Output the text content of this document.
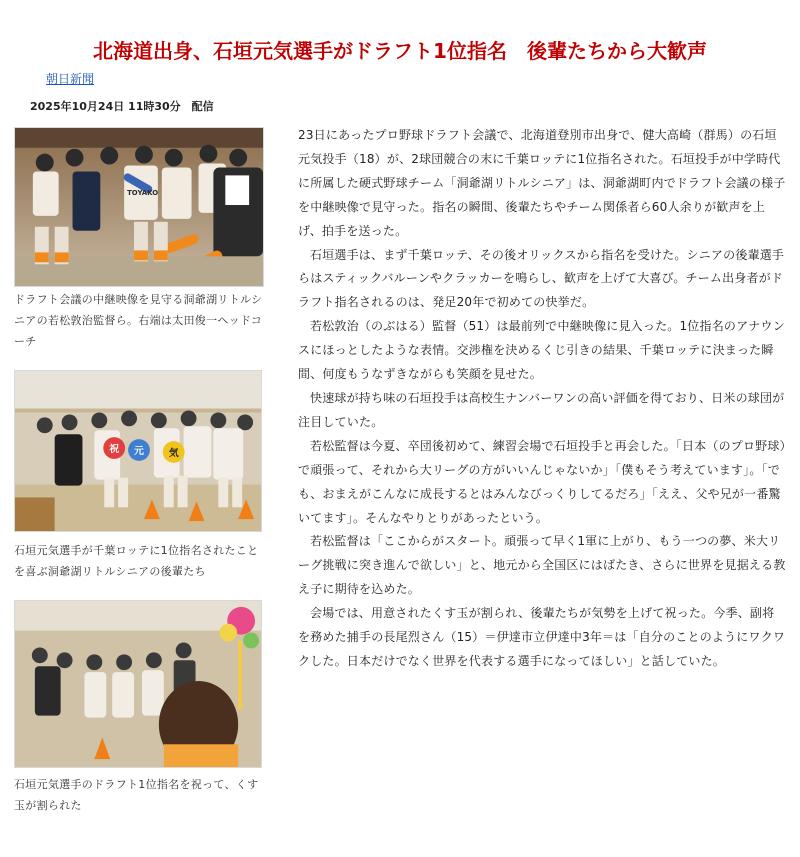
北海道出身、石垣元気選手がドラフト1位指名　後輩たちから大歓声
朝日新聞
2025年10月24日 11時30分　配信
TOYAKO
ドラフト会議の中継映像を見守る洞爺湖リトルシニアの若松敦治監督ら。右端は太田俊一ヘッドコーチ
祝 元 気
石垣元気選手が千葉ロッテに1位指名されたことを喜ぶ洞爺湖リトルシニアの後輩たち
石垣元気選手のドラフト1位指名を祝って、くす玉が割られた

23日にあったプロ野球ドラフト会議で、北海道登別市出身で、健大高崎（群馬）の石垣元気投手（18）が、2球団競合の末に千葉ロッテに1位指名された。石垣投手が中学時代に所属した硬式野球チーム「洞爺湖リトルシニア」は、洞爺湖町内でドラフト会議の様子を中継映像で見守った。指名の瞬間、後輩たちやチーム関係者ら60人余りが歓声を上げ、拍手を送った。

石垣選手は、まず千葉ロッテ、その後オリックスから指名を受けた。シニアの後輩選手らはスティックバルーンやクラッカーを鳴らし、歓声を上げて大喜び。チーム出身者がドラフト指名されるのは、発足20年で初めての快挙だ。

若松敦治（のぶはる）監督（51）は最前列で中継映像に見入った。1位指名のアナウンスにほっとしたような表情。交渉権を決めるくじ引きの結果、千葉ロッテに決まった瞬間、何度もうなずきながらも笑顔を見せた。

快速球が持ち味の石垣投手は高校生ナンバーワンの高い評価を得ており、日米の球団が注目していた。

若松監督は今夏、卒団後初めて、練習会場で石垣投手と再会した。「日本（のプロ野球）で頑張って、それから大リーグの方がいいんじゃないか」「僕もそう考えています」。「でも、おまえがこんなに成長するとはみんなびっくりしてるだろ」「ええ、父や兄が一番驚いてます」。そんなやりとりがあったという。

若松監督は「ここからがスタート。頑張って早く1軍に上がり、もう一つの夢、米大リーグ挑戦に突き進んで欲しい」と、地元から全国区にはばたき、さらに世界を見据える教え子に期待を込めた。

会場では、用意されたくす玉が割られ、後輩たちが気勢を上げて祝った。今季、副将を務めた捕手の長尾烈さん（15）＝伊達市立伊達中3年＝は「自分のことのようにワクワクした。日本だけでなく世界を代表する選手になってほしい」と話していた。
